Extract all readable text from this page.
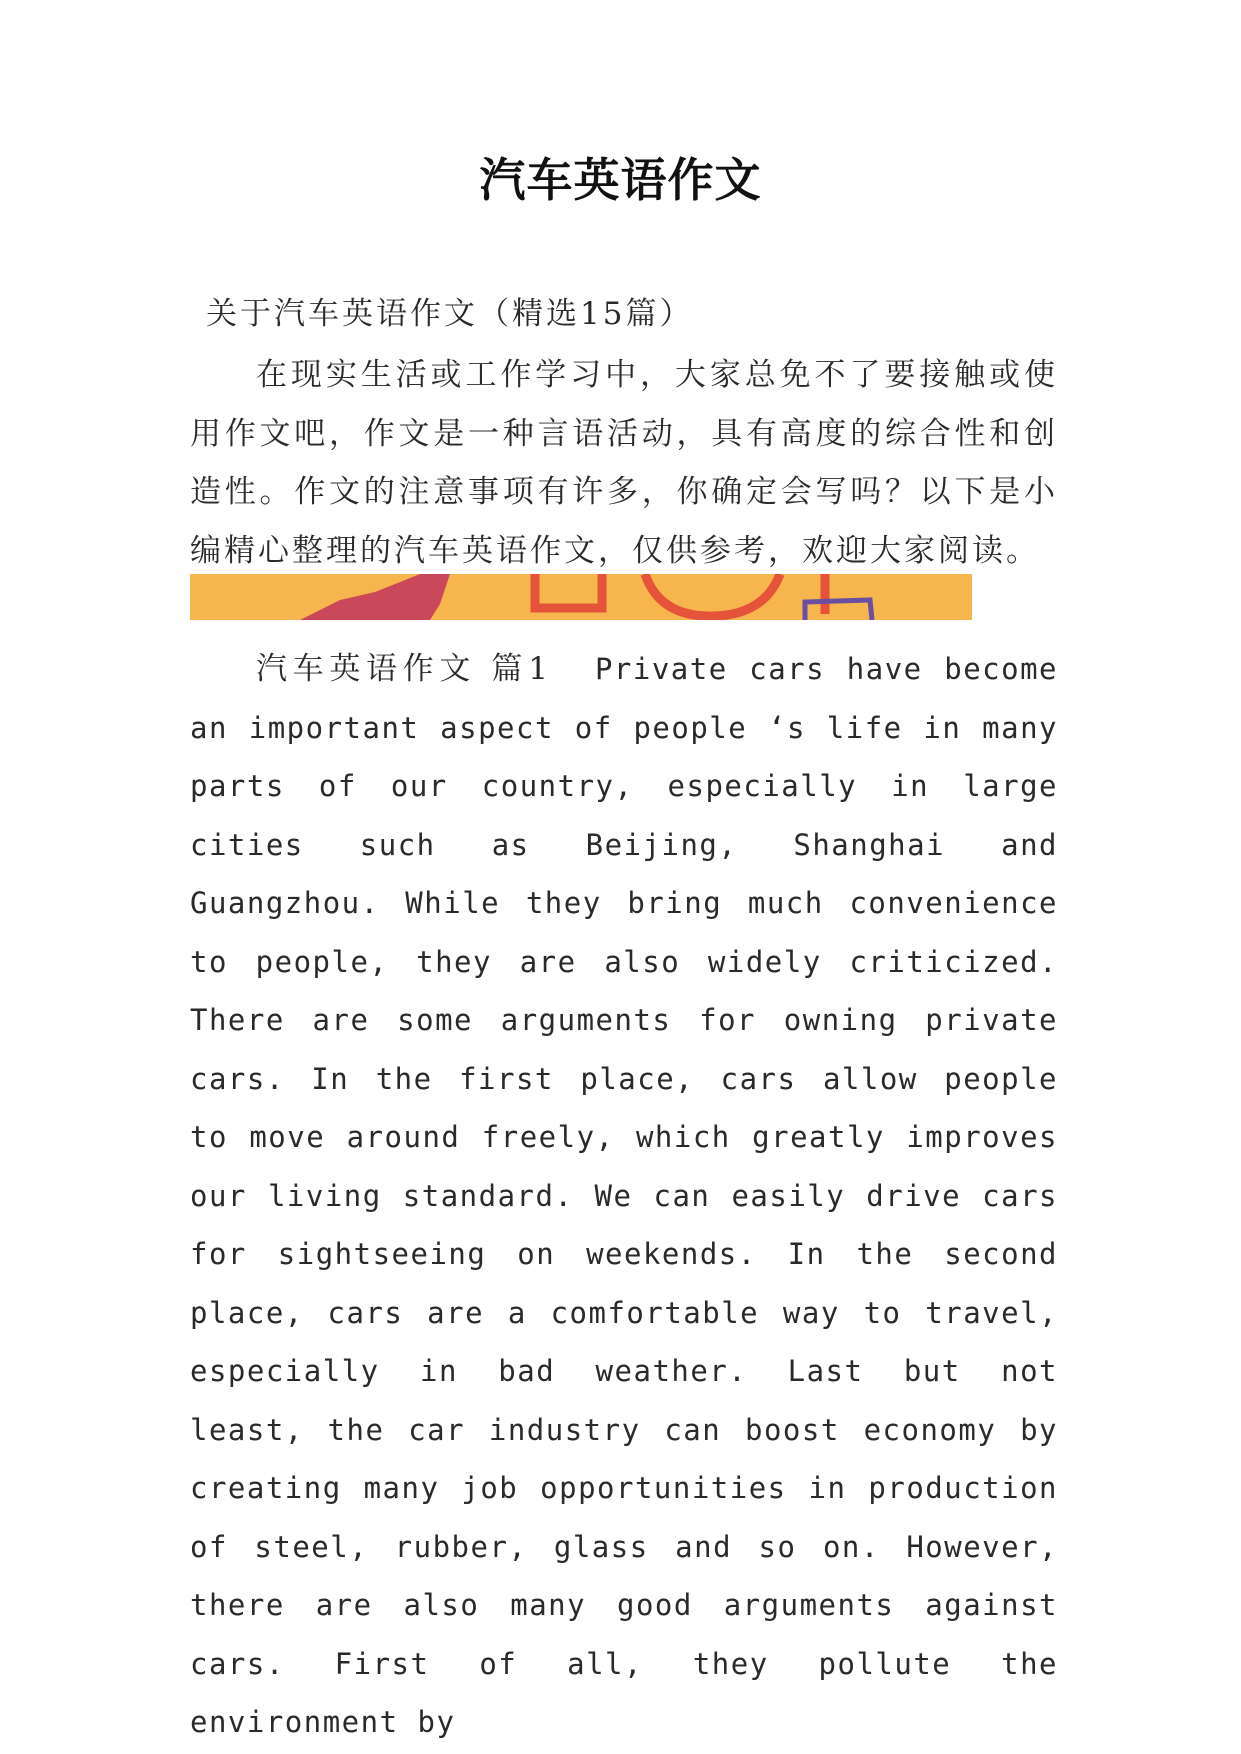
汽车英语作文
关于汽车英语作文（精选15篇）
在现实生活或工作学习中，大家总免不了要接触或使用作文吧，作文是一种言语活动，具有高度的综合性和创造性。作文的注意事项有许多，你确定会写吗？以下是小编精心整理的汽车英语作文，仅供参考，欢迎大家阅读。

汽车英语作文 篇1 Private cars have become an important aspect of people ‘s life in many parts of our country, especially in large cities such as Beijing, Shanghai and Guangzhou. While they bring much convenience to people, they are also widely criticized. There are some arguments for owning private cars. In the first place, cars allow people to move around freely, which greatly improves our living standard. We can easily drive cars for sightseeing on weekends. In the second place, cars are a comfortable way to travel, especially in bad weather. Last but not least, the car industry can boost economy by creating many job opportunities in production of steel, rubber, glass and so on. However, there are also many good arguments against cars. First of all, they pollute the environment by
